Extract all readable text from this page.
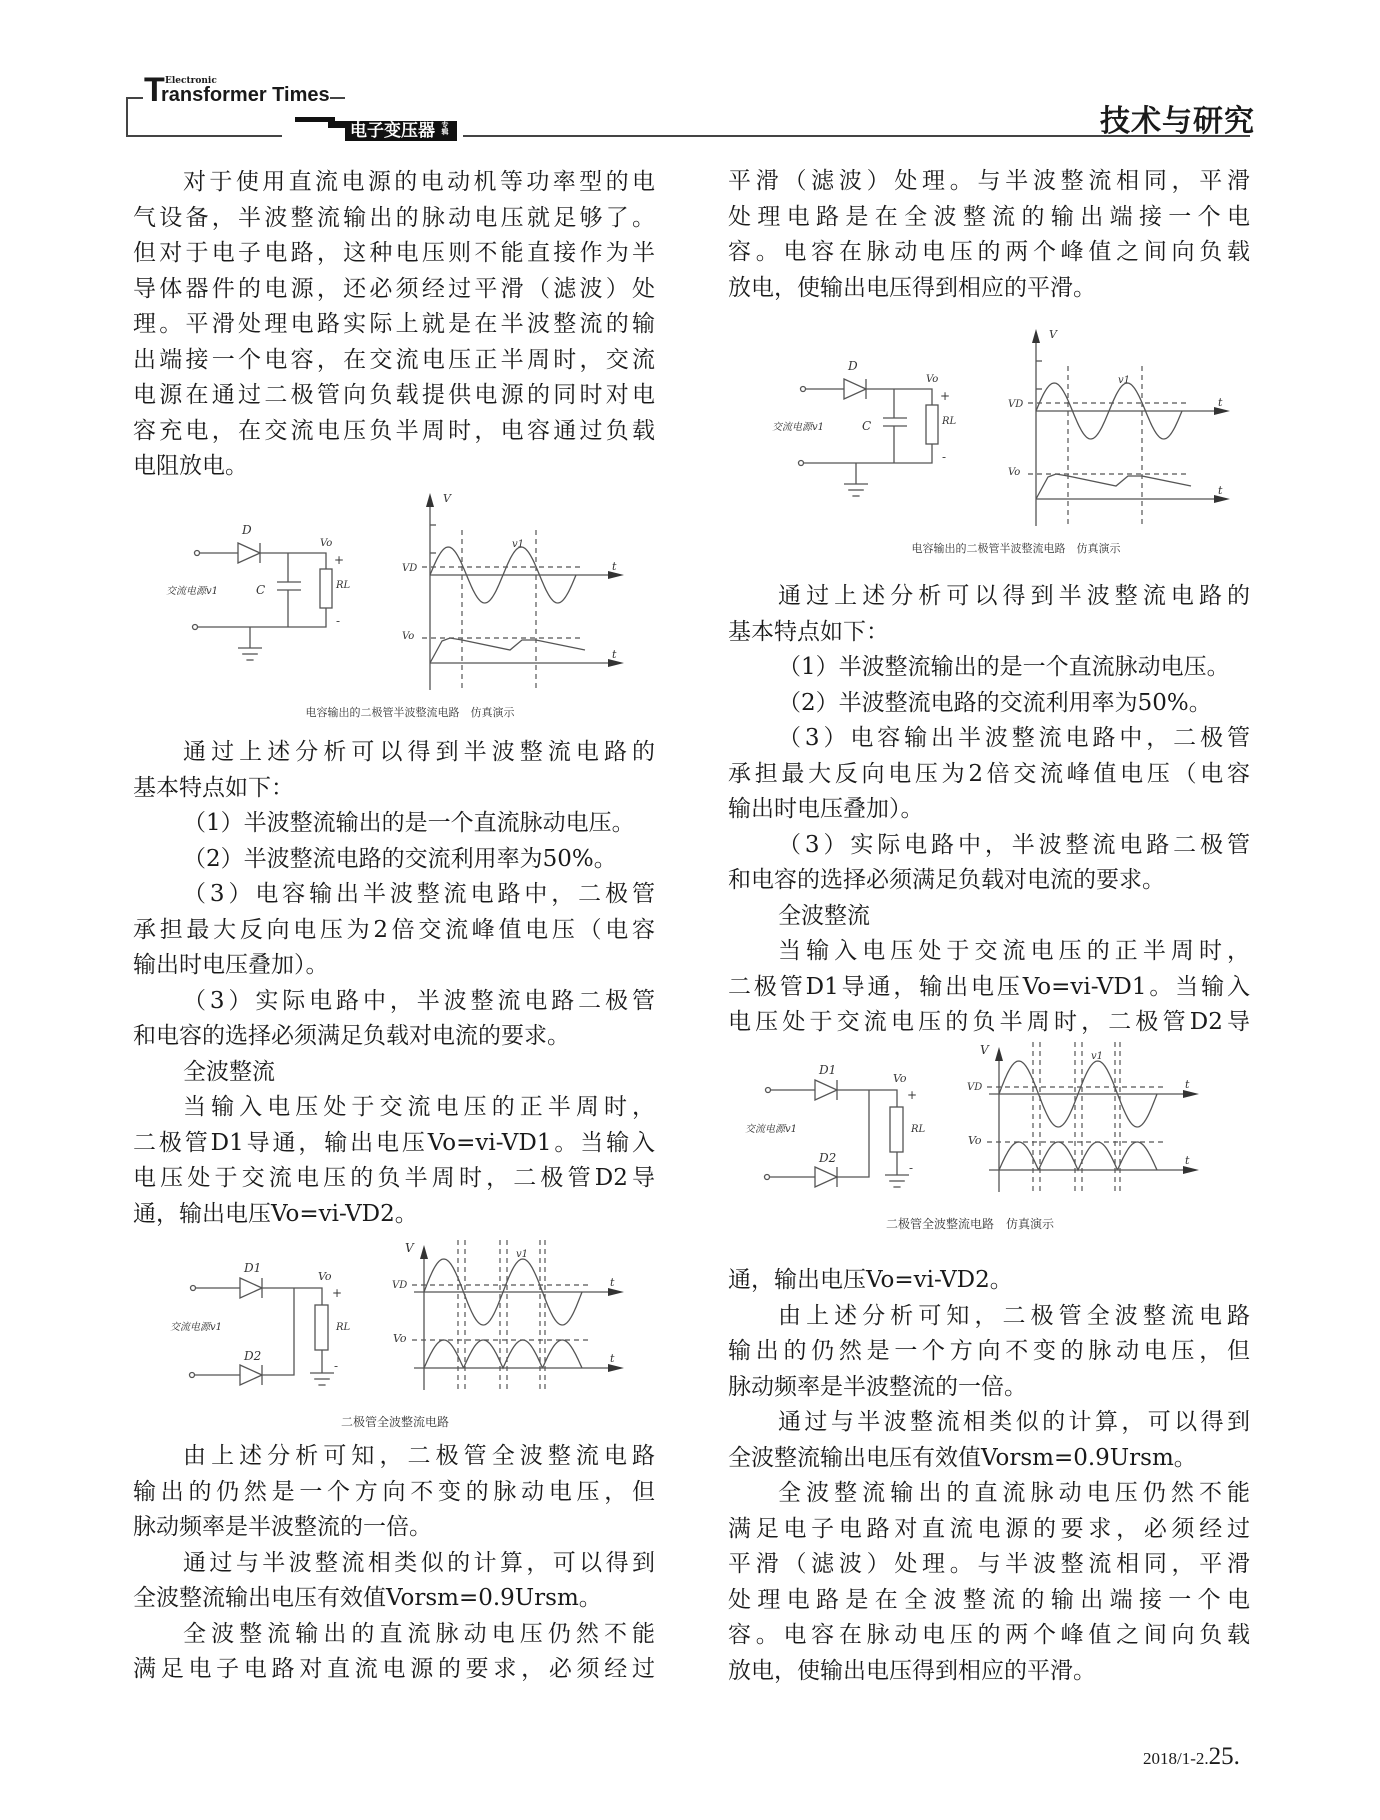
T Electronic
ransformer Times
电子变压器 专辑	技术与研究
对于使用直流电源的电动机等功率型的电
气设备，半波整流输出的脉动电压就足够了。
但对于电子电路，这种电压则不能直接作为半
导体器件的电源，还必须经过平滑（滤波）处
理。平滑处理电路实际上就是在半波整流的输
出端接一个电容，在交流电压正半周时，交流
电源在通过二极管向负载提供电源的同时对电
容充电，在交流电压负半周时，电容通过负载
电阻放电。
通过上述分析可以得到半波整流电路的
基本特点如下：
（1）半波整流输出的是一个直流脉动电压。
（2）半波整流电路的交流利用率为50%。
（3）电容输出半波整流电路中，二极管
承担最大反向电压为2倍交流峰值电压（电容
输出时电压叠加）。
（3）实际电路中，半波整流电路二极管
和电容的选择必须满足负载对电流的要求。
全波整流
当输入电压处于交流电压的正半周时，
二极管D1导通，输出电压Vo=vi-VD1。当输入
电压处于交流电压的负半周时，二极管D2导
通，输出电压Vo=vi-VD2。
由上述分析可知，二极管全波整流电路
输出的仍然是一个方向不变的脉动电压，但
脉动频率是半波整流的一倍。
通过与半波整流相类似的计算，可以得到
全波整流输出电压有效值Vorsm=0.9Ursm。
全波整流输出的直流脉动电压仍然不能
满足电子电路对直流电源的要求，必须经过
平滑（滤波）处理。与半波整流相同，平滑
处理电路是在全波整流的输出端接一个电
容。电容在脉动电压的两个峰值之间向负载
放电，使输出电压得到相应的平滑。
通过上述分析可以得到半波整流电路的
基本特点如下：
（1）半波整流输出的是一个直流脉动电压。
（2）半波整流电路的交流利用率为50%。
（3）电容输出半波整流电路中，二极管
承担最大反向电压为2倍交流峰值电压（电容
输出时电压叠加）。
（3）实际电路中，半波整流电路二极管
和电容的选择必须满足负载对电流的要求。
全波整流
当输入电压处于交流电压的正半周时，
二极管D1导通，输出电压Vo=vi-VD1。当输入
电压处于交流电压的负半周时，二极管D2导
通，输出电压Vo=vi-VD2。
由上述分析可知，二极管全波整流电路
输出的仍然是一个方向不变的脉动电压，但
脉动频率是半波整流的一倍。
通过与半波整流相类似的计算，可以得到
全波整流输出电压有效值Vorsm=0.9Ursm。
全波整流输出的直流脉动电压仍然不能
满足电子电路对直流电源的要求，必须经过
平滑（滤波）处理。与半波整流相同，平滑
处理电路是在全波整流的输出端接一个电
容。电容在脉动电压的两个峰值之间向负载
放电，使输出电压得到相应的平滑。
D
Vo
+
-
C	RL
交流电源v1
V
VD	t
v1
Vo
t
电容输出的二极管半波整流电路　仿真演示
D1
D2
Vo
+
-
RL
交流电源v1
V	v1
VD	t
Vo
t
二极管全波整流电路
D
Vo
+
-
C	RL
交流电源v1
V
VD	t
v1
Vo
t
电容输出的二极管半波整流电路　仿真演示
D1
D2
Vo
+
-
RL
交流电源v1
V	v1
VD	t
Vo
t
二极管全波整流电路　仿真演示
2018/1-2.25.
